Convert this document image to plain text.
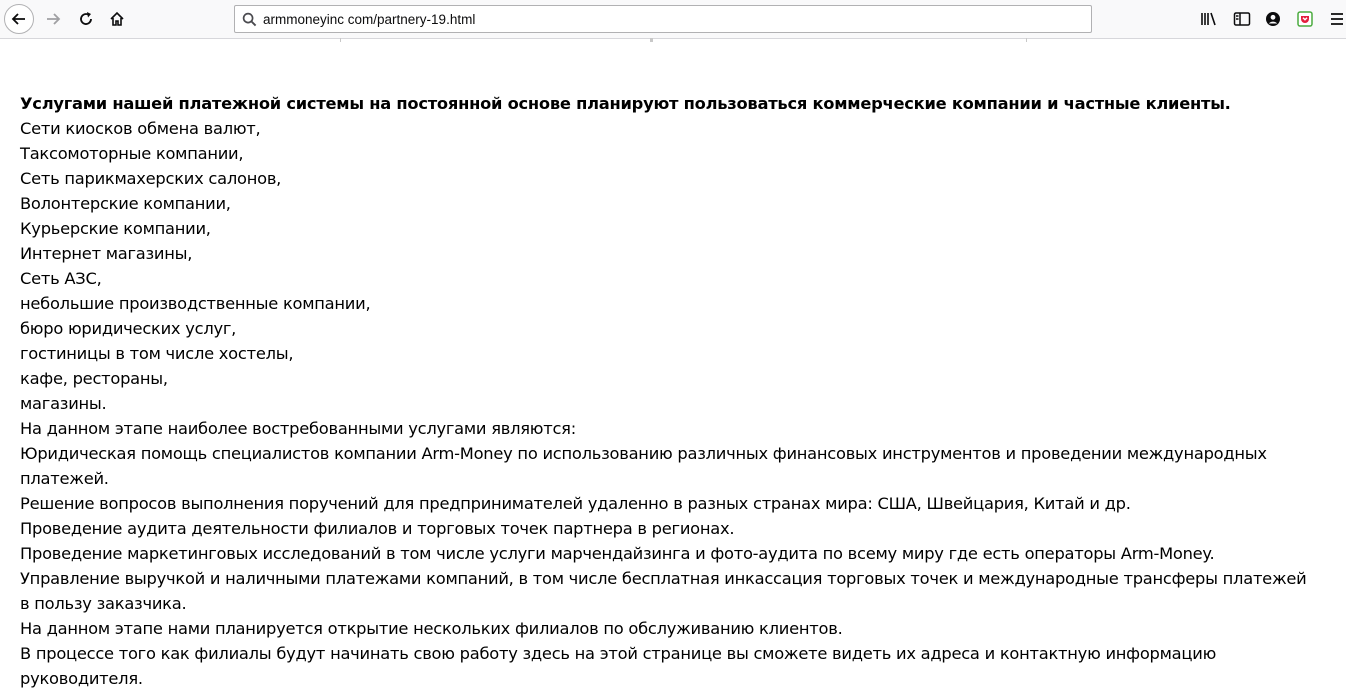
armmoneyinc com/partnery-19.html
Услугами нашей платежной системы на постоянной основе планируют пользоваться коммерческие компании и частные клиенты.
Сети киосков обмена валют,
Таксомоторные компании,
Сеть парикмахерских салонов,
Волонтерские компании,
Курьерские компании,
Интернет магазины,
Сеть АЗС,
небольшие производственные компании,
бюро юридических услуг,
гостиницы в том числе хостелы,
кафе, рестораны,
магазины.
На данном этапе наиболее востребованными услугами являются:
Юридическая помощь специалистов компании Arm-Money по использованию различных финансовых инструментов и проведении международных платежей.
Решение вопросов выполнения поручений для предпринимателей удаленно в разных странах мира: США, Швейцария, Китай и др.
Проведение аудита деятельности филиалов и торговых точек партнера в регионах.
Проведение маркетинговых исследований в том числе услуги марчендайзинга и фото-аудита по всему миру где есть операторы Arm-Money.
Управление выручкой и наличными платежами компаний, в том числе бесплатная инкассация торговых точек и международные трансферы платежей в пользу заказчика.
На данном этапе нами планируется открытие нескольких филиалов по обслуживанию клиентов.
В процессе того как филиалы будут начинать свою работу здесь на этой странице вы сможете видеть их адреса и контактную информацию руководителя.
